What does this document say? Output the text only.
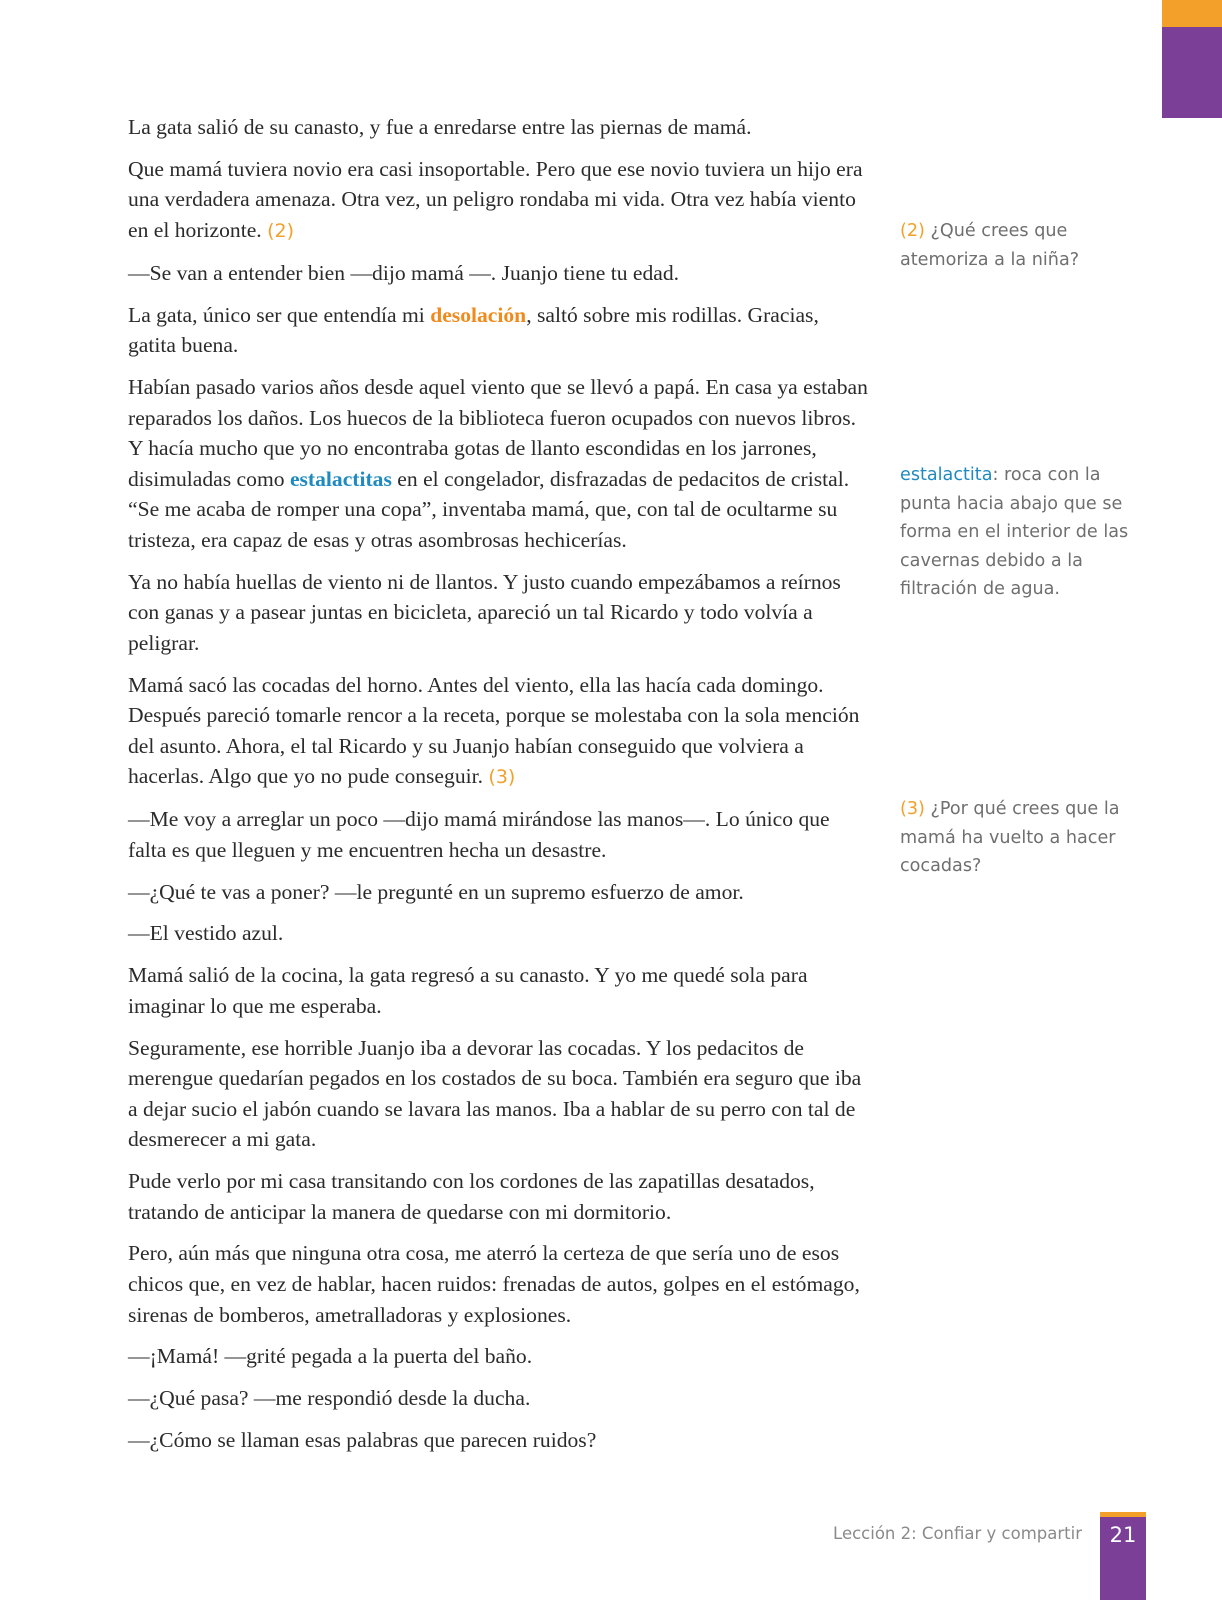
La gata salió de su canasto, y fue a enredarse entre las piernas de mamá.

Que mamá tuviera novio era casi insoportable. Pero que ese novio tuviera un hijo era una verdadera amenaza. Otra vez, un peligro rondaba mi vida. Otra vez había viento en el horizonte. (2)

—Se van a entender bien —dijo mamá —. Juanjo tiene tu edad.

La gata, único ser que entendía mi desolación, saltó sobre mis rodillas. Gracias, gatita buena.

Habían pasado varios años desde aquel viento que se llevó a papá. En casa ya estaban reparados los daños. Los huecos de la biblioteca fueron ocupados con nuevos libros. Y hacía mucho que yo no encontraba gotas de llanto escondidas en los jarrones, disimuladas como estalactitas en el congelador, disfrazadas de pedacitos de cristal. “Se me acaba de romper una copa”, inventaba mamá, que, con tal de ocultarme su tristeza, era capaz de esas y otras asombrosas hechicerías.

Ya no había huellas de viento ni de llantos. Y justo cuando empezábamos a reírnos con ganas y a pasear juntas en bicicleta, apareció un tal Ricardo y todo volvía a peligrar.

Mamá sacó las cocadas del horno. Antes del viento, ella las hacía cada domingo. Después pareció tomarle rencor a la receta, porque se molestaba con la sola mención del asunto. Ahora, el tal Ricardo y su Juanjo habían conseguido que volviera a hacerlas. Algo que yo no pude conseguir. (3)

—Me voy a arreglar un poco —dijo mamá mirándose las manos—. Lo único que falta es que lleguen y me encuentren hecha un desastre.

—¿Qué te vas a poner? —le pregunté en un supremo esfuerzo de amor.

—El vestido azul.

Mamá salió de la cocina, la gata regresó a su canasto. Y yo me quedé sola para imaginar lo que me esperaba.

Seguramente, ese horrible Juanjo iba a devorar las cocadas. Y los pedacitos de merengue quedarían pegados en los costados de su boca. También era seguro que iba a dejar sucio el jabón cuando se lavara las manos. Iba a hablar de su perro con tal de desmerecer a mi gata.

Pude verlo por mi casa transitando con los cordones de las zapatillas desatados, tratando de anticipar la manera de quedarse con mi dormitorio.

Pero, aún más que ninguna otra cosa, me aterró la certeza de que sería uno de esos chicos que, en vez de hablar, hacen ruidos: frenadas de autos, golpes en el estómago, sirenas de bomberos, ametralladoras y explosiones.

—¡Mamá! —grité pegada a la puerta del baño.

—¿Qué pasa? —me respondió desde la ducha.

—¿Cómo se llaman esas palabras que parecen ruidos?

(2) ¿Qué crees que atemoriza a la niña?
estalactita: roca con la punta hacia abajo que se forma en el interior de las cavernas debido a la filtración de agua.
(3) ¿Por qué crees que la mamá ha vuelto a hacer cocadas?
Lección 2: Confiar y compartir	21
